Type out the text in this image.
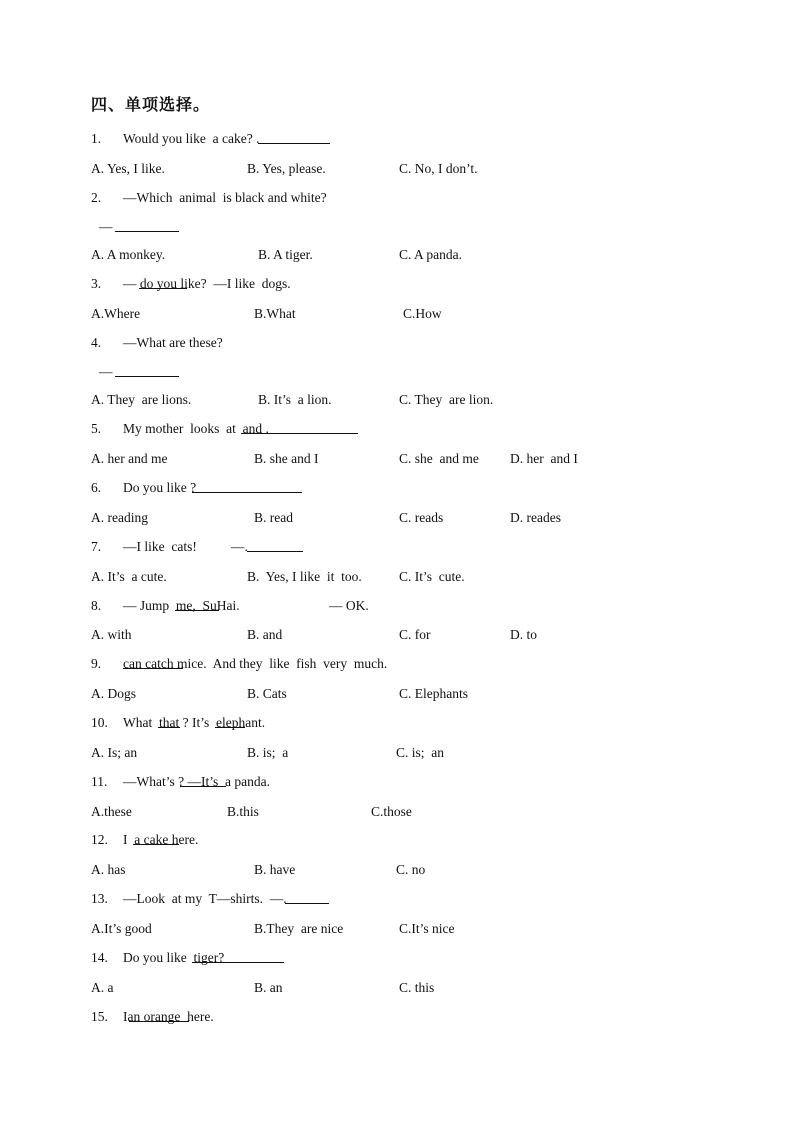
四、单项选择。

1.

Would you like  a cake?
.

A. Yes, I like.

	B. Yes, please.

	C. No, I don’t.

2.

—Which  animal  is black and white?

—

A. A monkey.

	B. A tiger.

	C. A panda.

3.

—
do you like?  —I like  dogs.

A.Where

	B.What

	C.How

4.

—What are these?

—

A. They  are lions.

	B. It’s  a lion.

	C. They  are lion.

5.

My mother  looks  at
and
.

A. her and me

	B. she and I

	C. she  and me

D. her  and I

6.

Do you like
?

A. reading

	B. read

	C. reads

	D. reades

7.

—I like  cats!

	—
.

A. It’s  a cute.

	B.  Yes, I like  it  too.

	C. It’s  cute.

8.

— Jump
me,  SuHai.

	— OK.

A. with

	B. and

	C. for

	D. to

9.

can catch mice.  And they  like  fish  very  much.

A. Dogs

	B. Cats

	C. Elephants

10.

What
that ? It’s
elephant.

A. Is; an

	B. is;  a

	C. is;  an

11.

—What’s
? —It’s  a panda.

A.these

	B.this

	C.those

12.

I
a cake here.

A. has

	B. have

	C. no

13.

—Look  at my  T—shirts.  —
.

A.It’s good

	B.They  are nice

	C.It’s nice

14.

Do you like
tiger?

A. a

	B. an

	C. this

15.

I
an orange  here.
